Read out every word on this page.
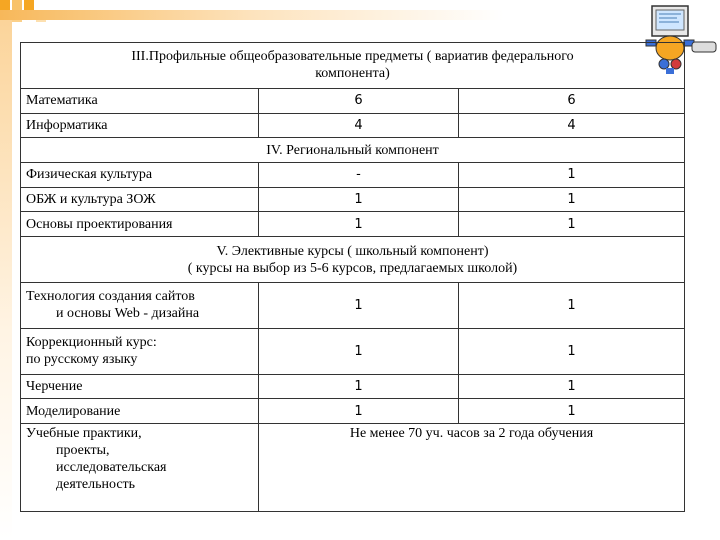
III.Профильные общеобразовательные предметы ( вариатив федерального
компонента)		
Математика	6	6
Информатика	4	4
IV. Региональный компонент		
Физическая культура	-	1
ОБЖ и культура ЗОЖ	1	1
Основы проектирования	1	1
V. Элективные курсы ( школьный компонент)
( курсы на выбор из 5-6 курсов, предлагаемых школой)		
Технология создания сайтов
и основы Web - дизайна	1	1
Коррекционный курс:
по русскому языку	1	1
Черчение	1	1
Моделирование	1	1
Учебные практики,
проекты,
исследовательская
деятельность	Не менее 70 уч. часов за 2 года обучения	
